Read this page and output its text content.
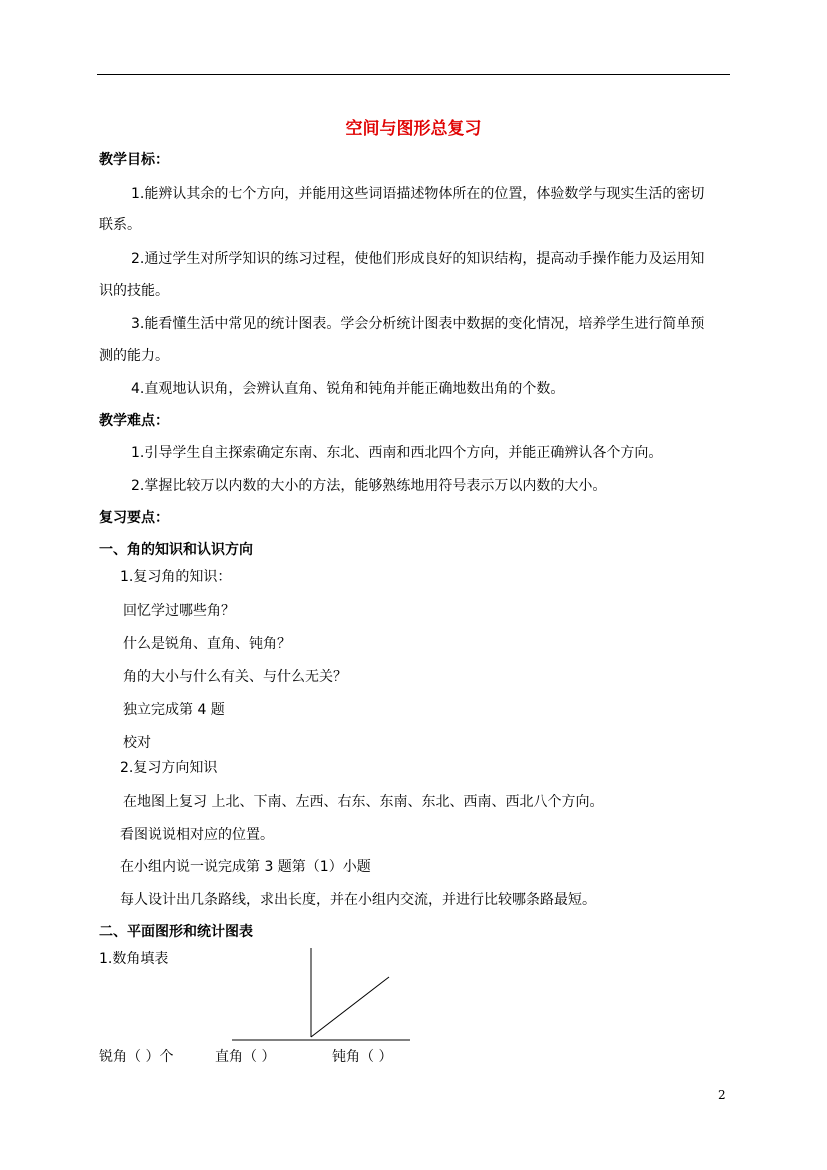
空间与图形总复习
教学目标：
1.能辨认其余的七个方向，并能用这些词语描述物体所在的位置，体验数学与现实生活的密切
联系。
2.通过学生对所学知识的练习过程，使他们形成良好的知识结构，提高动手操作能力及运用知
识的技能。
3.能看懂生活中常见的统计图表。学会分析统计图表中数据的变化情况，培养学生进行简单预
测的能力。
4.直观地认识角，会辨认直角、锐角和钝角并能正确地数出角的个数。
教学难点：
1.引导学生自主探索确定东南、东北、西南和西北四个方向，并能正确辨认各个方向。
2.掌握比较万以内数的大小的方法，能够熟练地用符号表示万以内数的大小。
复习要点：
一、角的知识和认识方向
1.复习角的知识：
回忆学过哪些角？
什么是锐角、直角、钝角？
角的大小与什么有关、与什么无关？
独立完成第 4 题
校对
2.复习方向知识
在地图上复习 上北、下南、左西、右东、东南、东北、西南、西北八个方向。
看图说说相对应的位置。
在小组内说一说完成第 3 题第（1）小题
每人设计出几条路线，求出长度，并在小组内交流，并进行比较哪条路最短。
二、平面图形和统计图表
1.数角填表
锐角（ ）个	直角（ ）	钝角（ ）
2
